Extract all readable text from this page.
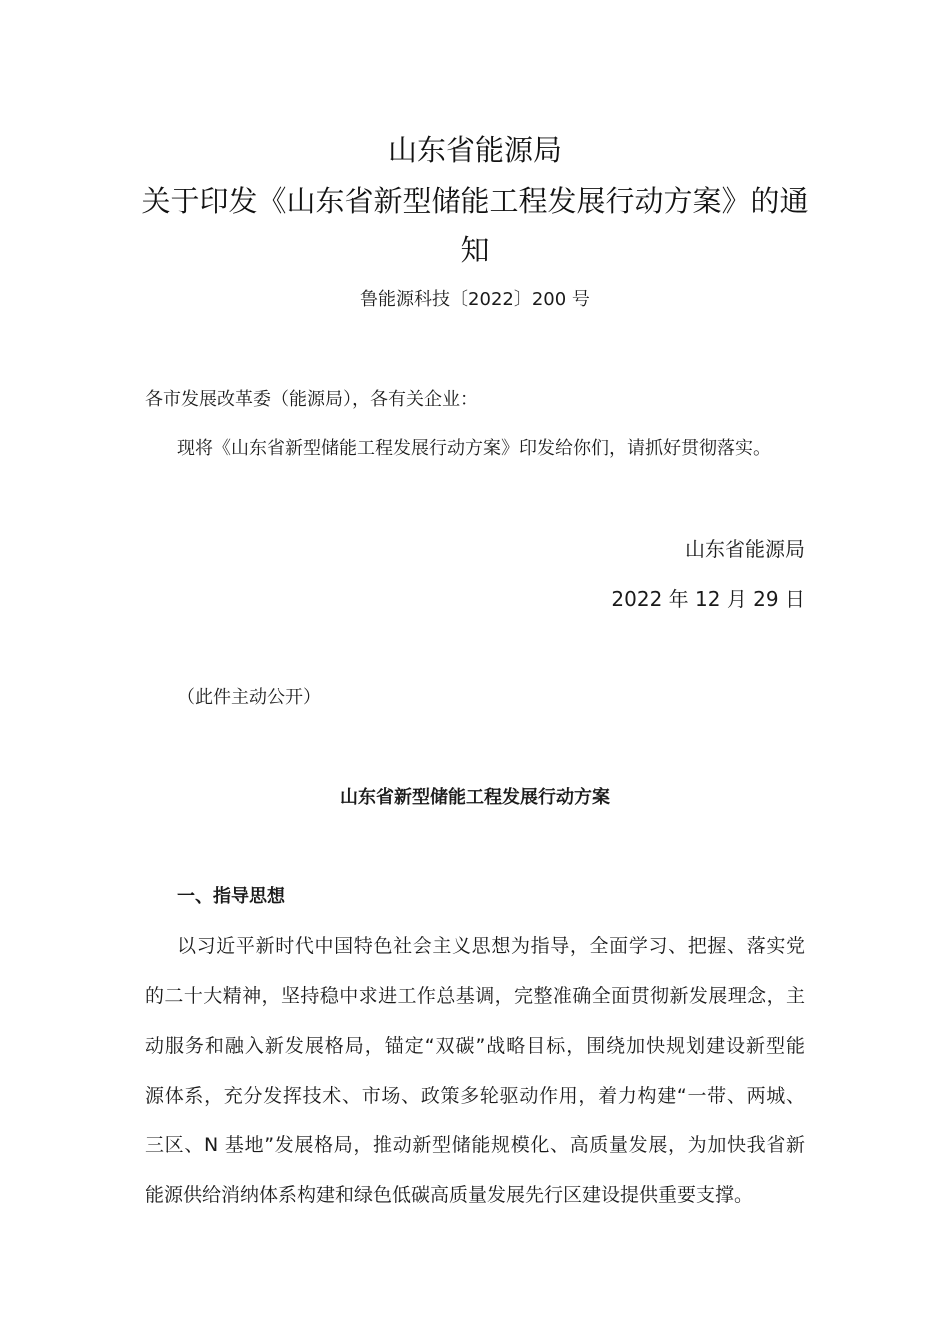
山东省能源局
关于印发《山东省新型储能工程发展行动方案》的通
知
鲁能源科技〔2022〕200 号
各市发展改革委（能源局），各有关企业：
现将《山东省新型储能工程发展行动方案》印发给你们，请抓好贯彻落实。
山东省能源局
2022 年 12 月 29 日
（此件主动公开）
山东省新型储能工程发展行动方案
一、指导思想
以习近平新时代中国特色社会主义思想为指导，全面学习、把握、落实党
的二十大精神，坚持稳中求进工作总基调，完整准确全面贯彻新发展理念，主
动服务和融入新发展格局，锚定“双碳”战略目标，围绕加快规划建设新型能
源体系，充分发挥技术、市场、政策多轮驱动作用，着力构建“一带、两城、
三区、N 基地”发展格局，推动新型储能规模化、高质量发展，为加快我省新
能源供给消纳体系构建和绿色低碳高质量发展先行区建设提供重要支撑。
